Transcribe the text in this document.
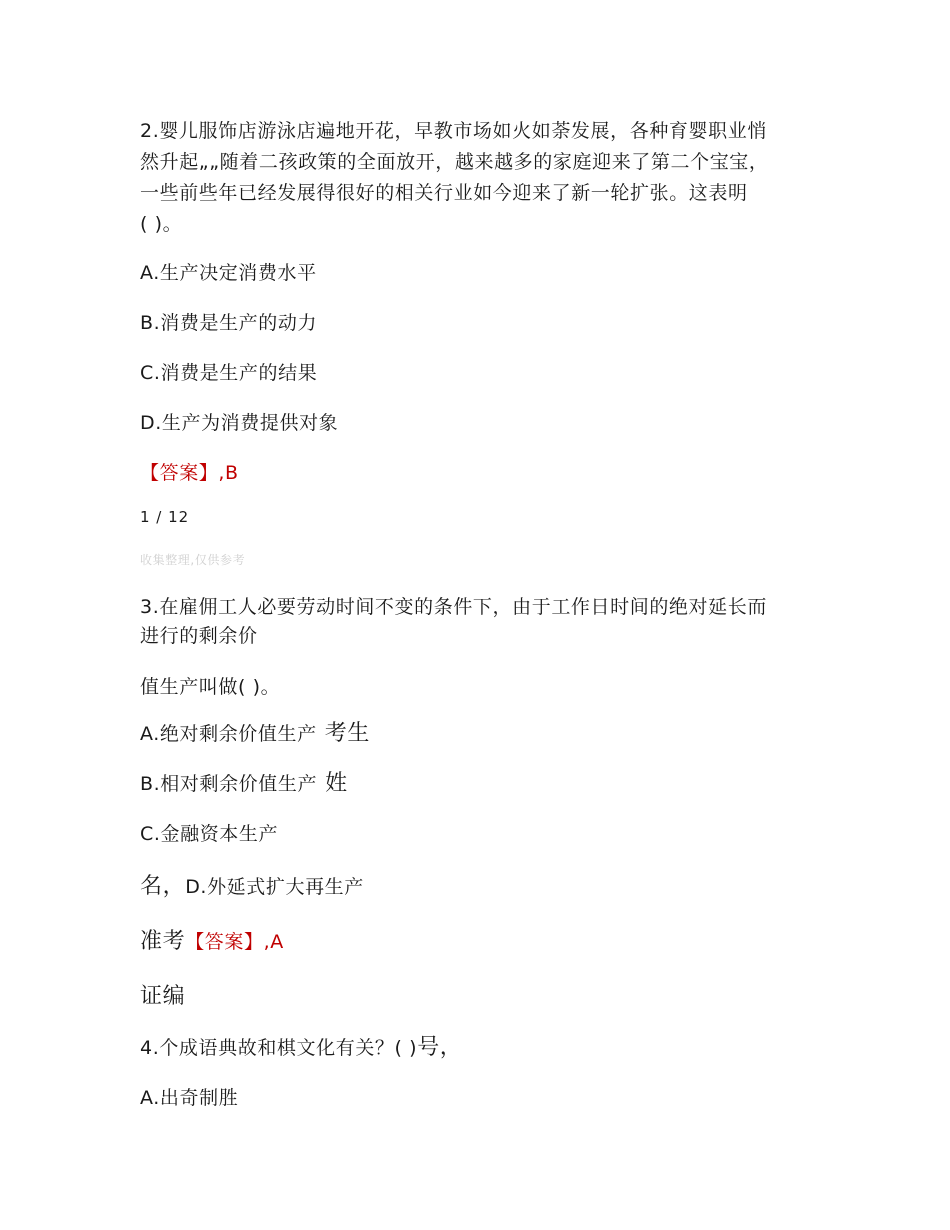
2.婴儿服饰店游泳店遍地开花，早教市场如火如荼发展，各种育婴职业悄
然升起„„随着二孩政策的全面放开，越来越多的家庭迎来了第二个宝宝，
一些前些年已经发展得很好的相关行业如今迎来了新一轮扩张。这表明
( )。
A.生产决定消费水平
B.消费是生产的动力
C.消费是生产的结果
D.生产为消费提供对象
【答案】,B
1 / 12
收集整理,仅供参考
3.在雇佣工人必要劳动时间不变的条件下，由于工作日时间的绝对延长而
进行的剩余价
值生产叫做( )。
A.绝对剩余价值生产 考生
B.相对剩余价值生产 姓
C.金融资本生产
名，D.外延式扩大再生产
准考【答案】,A
证编
4.个成语典故和棋文化有关？( )号，
A.出奇制胜
